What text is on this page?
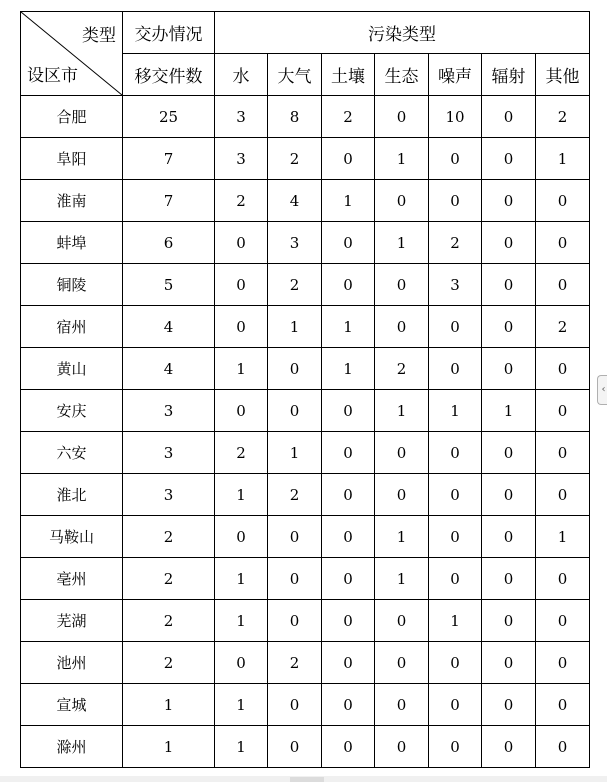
类型
设区市	交办情况	污染类型						
	移交件数	水	大气	土壤	生态	噪声	辐射	其他
合肥	25	3	8	2	0	10	0	2
阜阳	7	3	2	0	1	0	0	1
淮南	7	2	4	1	0	0	0	0
蚌埠	6	0	3	0	1	2	0	0
铜陵	5	0	2	0	0	3	0	0
宿州	4	0	1	1	0	0	0	2
黄山	4	1	0	1	2	0	0	0
安庆	3	0	0	0	1	1	1	0
六安	3	2	1	0	0	0	0	0
淮北	3	1	2	0	0	0	0	0
马鞍山	2	0	0	0	1	0	0	1
亳州	2	1	0	0	1	0	0	0
芜湖	2	1	0	0	0	1	0	0
池州	2	0	2	0	0	0	0	0
宣城	1	1	0	0	0	0	0	0
滁州	1	1	0	0	0	0	0	0
‹
